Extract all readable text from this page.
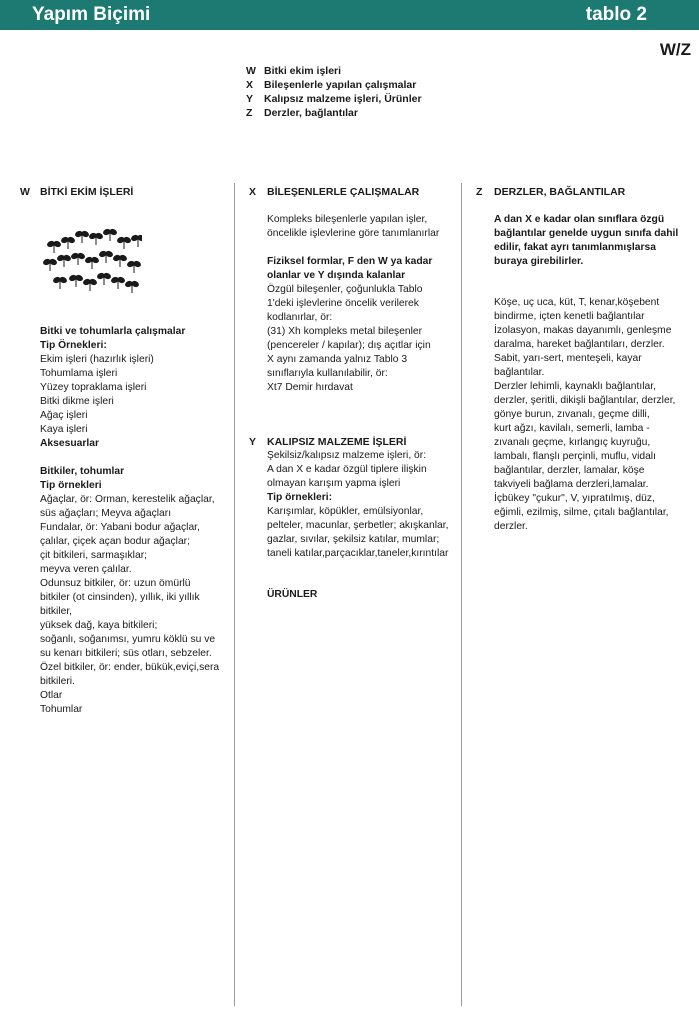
Yapım Biçimi	tablo 2
W/Z
W Bitki ekim işleri
X	Bileşenlerle yapılan çalışmalar
Y	Kalıpsız malzeme işleri, Ürünler
Z	Derzler, bağlantılar
W BİTKİ EKİM İŞLERİ
Bitki ve tohumlarla çalışmalar
Tip Örnekleri:
Ekim işleri (hazırlık işleri)
Tohumlama işleri
Yüzey topraklama işleri
Bitki dikme işleri
Ağaç işleri
Kaya işleri
Aksesuarlar

Bitkiler, tohumlar
Tip örnekleri
Ağaçlar, ör: Orman, kerestelik ağaçlar,
süs ağaçları; Meyva ağaçları
Fundalar, ör: Yabani bodur ağaçlar,
çalılar, çiçek açan bodur ağaçlar;
çit bitkileri, sarmaşıklar;
meyva veren çalılar.
Odunsuz bitkiler, ör: uzun ömürlü
bitkiler (ot cinsinden), yıllık, iki yıllık
bitkiler,
yüksek dağ, kaya bitkileri;
soğanlı, soğanımsı, yumru köklü su ve
su kenarı bitkileri; süs otları, sebzeler.
Özel bitkiler, ör: ender, bükük,eviçi,sera
bitkileri.
Otlar
Tohumlar
X BİLEŞENLERLE ÇALIŞMALAR
Kompleks bileşenlerle yapılan işler,
öncelikle işlevlerine göre tanımlanırlar

Fiziksel formlar, F den W ya kadar
olanlar ve Y dışında kalanlar
Özgül bileşenler, çoğunlukla Tablo
1'deki işlevlerine öncelik verilerek
kodlanırlar, ör:
(31) Xh kompleks metal bileşenler
(pencereler / kapılar); dış açıtlar için
X aynı zamanda yalnız Tablo 3
sınıflarıyla kullanılabilir, ör:
Xt7 Demir hırdavat
Y KALIPSIZ MALZEME İŞLERİ
Şekilsiz/kalıpsız malzeme işleri, ör:
A dan X e kadar özgül tiplere ilişkin
olmayan karışım yapma işleri
Tip örnekleri:
Karışımlar, köpükler, emülsiyonlar,
pelteler, macunlar, şerbetler; akışkanlar,
gazlar, sıvılar, şekilsiz katılar, mumlar;
taneli katılar,parçacıklar,taneler,kırıntılar
ÜRÜNLER
Z DERZLER, BAĞLANTILAR
A dan X e kadar olan sınıflara özgü
bağlantılar genelde uygun sınıfa dahil
edilir, fakat ayrı tanımlanmışlarsa
buraya girebilirler.
Köşe, uç uca, küt, T, kenar,köşebent
bindirme, içten kenetli bağlantılar
İzolasyon, makas dayanımlı, genleşme
daralma, hareket bağlantıları, derzler.
Sabit, yarı-sert, menteşeli, kayar
bağlantılar.
Derzler lehimli, kaynaklı bağlantılar,
derzler, şeritli, dikişli bağlantılar, derzler,
gönye burun, zıvanalı, geçme dilli,
kurt ağzı, kavilalı, semerli, lamba -
zıvanalı geçme, kırlangıç kuyruğu,
lambalı, flanşlı perçinli, muflu, vidalı
bağlantılar, derzler, lamalar, köşe
takviyeli bağlama derzleri,lamalar.
İçbükey "çukur", V, yıpratılmış, düz,
eğimli, ezilmiş, silme, çıtalı bağlantılar,
derzler.
